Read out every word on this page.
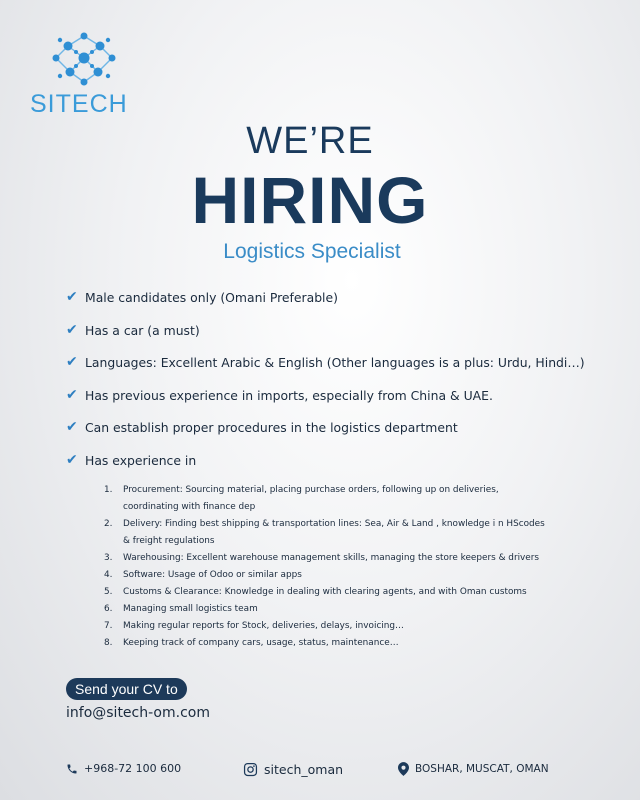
SITECH
WE’RE
HIRING
Logistics Specialist
✔ Male candidates only (Omani Preferable)
✔ Has a car (a must)
✔ Languages: Excellent Arabic & English (Other languages is a plus: Urdu, Hindi…)
✔ Has previous experience in imports, especially from China & UAE.
✔ Can establish proper procedures in the logistics department
✔ Has experience in
1.	Procurement: Sourcing material, placing purchase orders, following up on deliveries,
coordinating with finance dep
2.	Delivery: Finding best shipping & transportation lines: Sea, Air & Land , knowledge i n HScodes
& freight regulations
3.	Warehousing: Excellent warehouse management skills, managing the store keepers & drivers
4.	Software: Usage of Odoo or similar apps
5.	Customs & Clearance: Knowledge in dealing with clearing agents, and with Oman customs
6.	Managing small logistics team
7.	Making regular reports for Stock, deliveries, delays, invoicing…
8.	Keeping track of company cars, usage, status, maintenance…
Send your CV to
info@sitech-om.com
+968-72 100 600	sitech_oman	BOSHAR, MUSCAT, OMAN
